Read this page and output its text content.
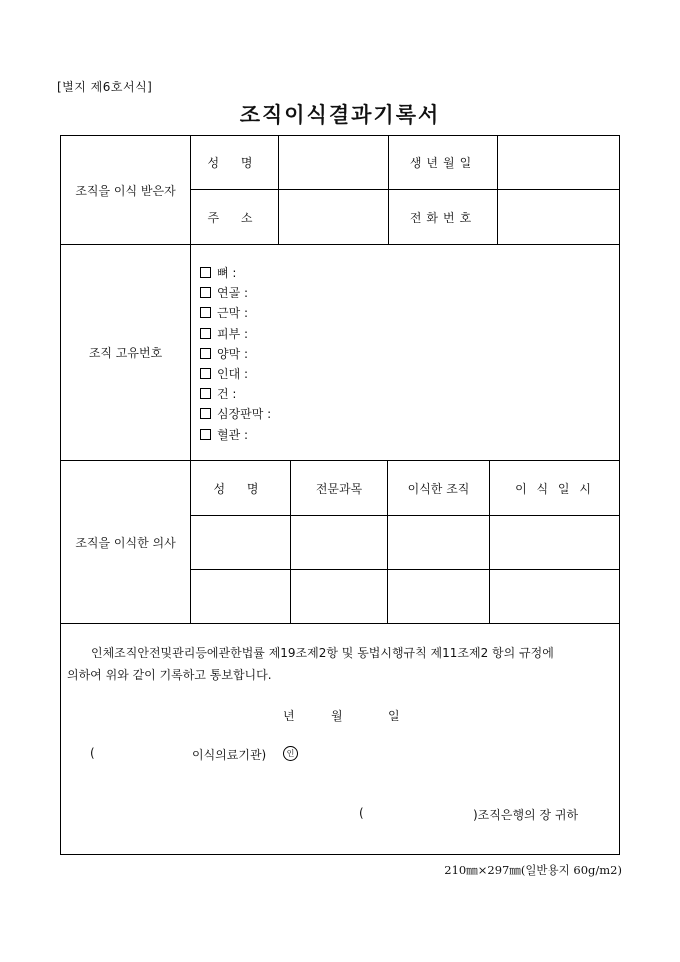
[별지 제6호서식]
조직이식결과기록서
조직을 이식 받은자
성 명	생년월일
주 소	전화번호
조직 고유번호
뼈 :
연골 :
근막 :
피부 :
양막 :
인대 :
건 :
심장판막 :
혈관 :
조직을 이식한 의사
성 명	전문과목	이식한 조직	이 식 일 시
인체조직안전및관리등에관한법률 제19조제2항 및 동법시행규칙 제11조제2 항의 규정에
의하여 위와 같이 기록하고 통보합니다.
년	월	일
(	이식의료기관)	인
(	)조직은행의 장 귀하
210㎜×297㎜(일반용지 60g/m2)
